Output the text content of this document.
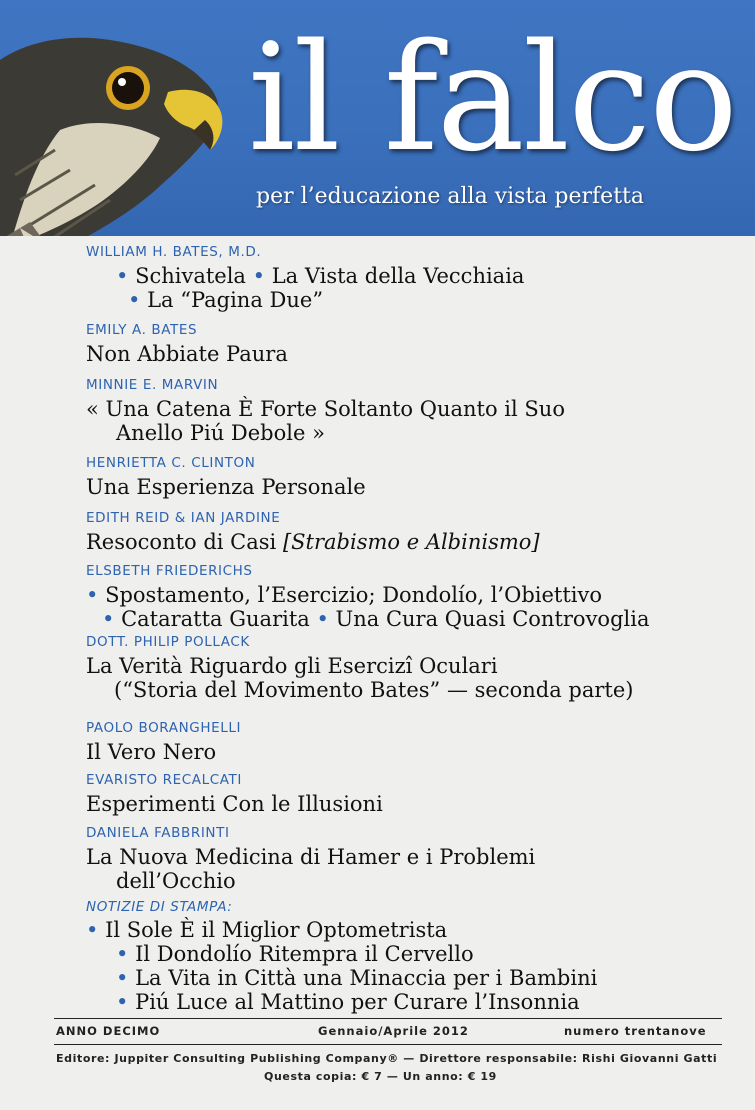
il falco
per l’educazione alla vista perfetta
WILLIAM H. BATES, M.D.
• Schivatela • La Vista della Vecchiaia
• La “Pagina Due”
EMILY A. BATES
Non Abbiate Paura
MINNIE E. MARVIN
« Una Catena È Forte Soltanto Quanto il Suo
Anello Piú Debole »
HENRIETTA C. CLINTON
Una Esperienza Personale
EDITH REID & IAN JARDINE
Resoconto di Casi [Strabismo e Albinismo]
ELSBETH FRIEDERICHS
• Spostamento, l’Esercizio; Dondolío, l’Obiettivo
• Cataratta Guarita • Una Cura Quasi Controvoglia
DOTT. PHILIP POLLACK
La Verità Riguardo gli Esercizî Oculari
(“Storia del Movimento Bates” — seconda parte)
PAOLO BORANGHELLI
Il Vero Nero
EVARISTO RECALCATI
Esperimenti Con le Illusioni
DANIELA FABBRINTI
La Nuova Medicina di Hamer e i Problemi
dell’Occhio
NOTIZIE DI STAMPA:
• Il Sole È il Miglior Optometrista
• Il Dondolío Ritempra il Cervello
• La Vita in Città una Minaccia per i Bambini
• Piú Luce al Mattino per Curare l’Insonnia
ANNO DECIMO	Gennaio/Aprile 2012	numero trentanove
Editore: Juppiter Consulting Publishing Company® — Direttore responsabile: Rishi Giovanni Gatti
Questa copia: € 7 — Un anno: € 19
